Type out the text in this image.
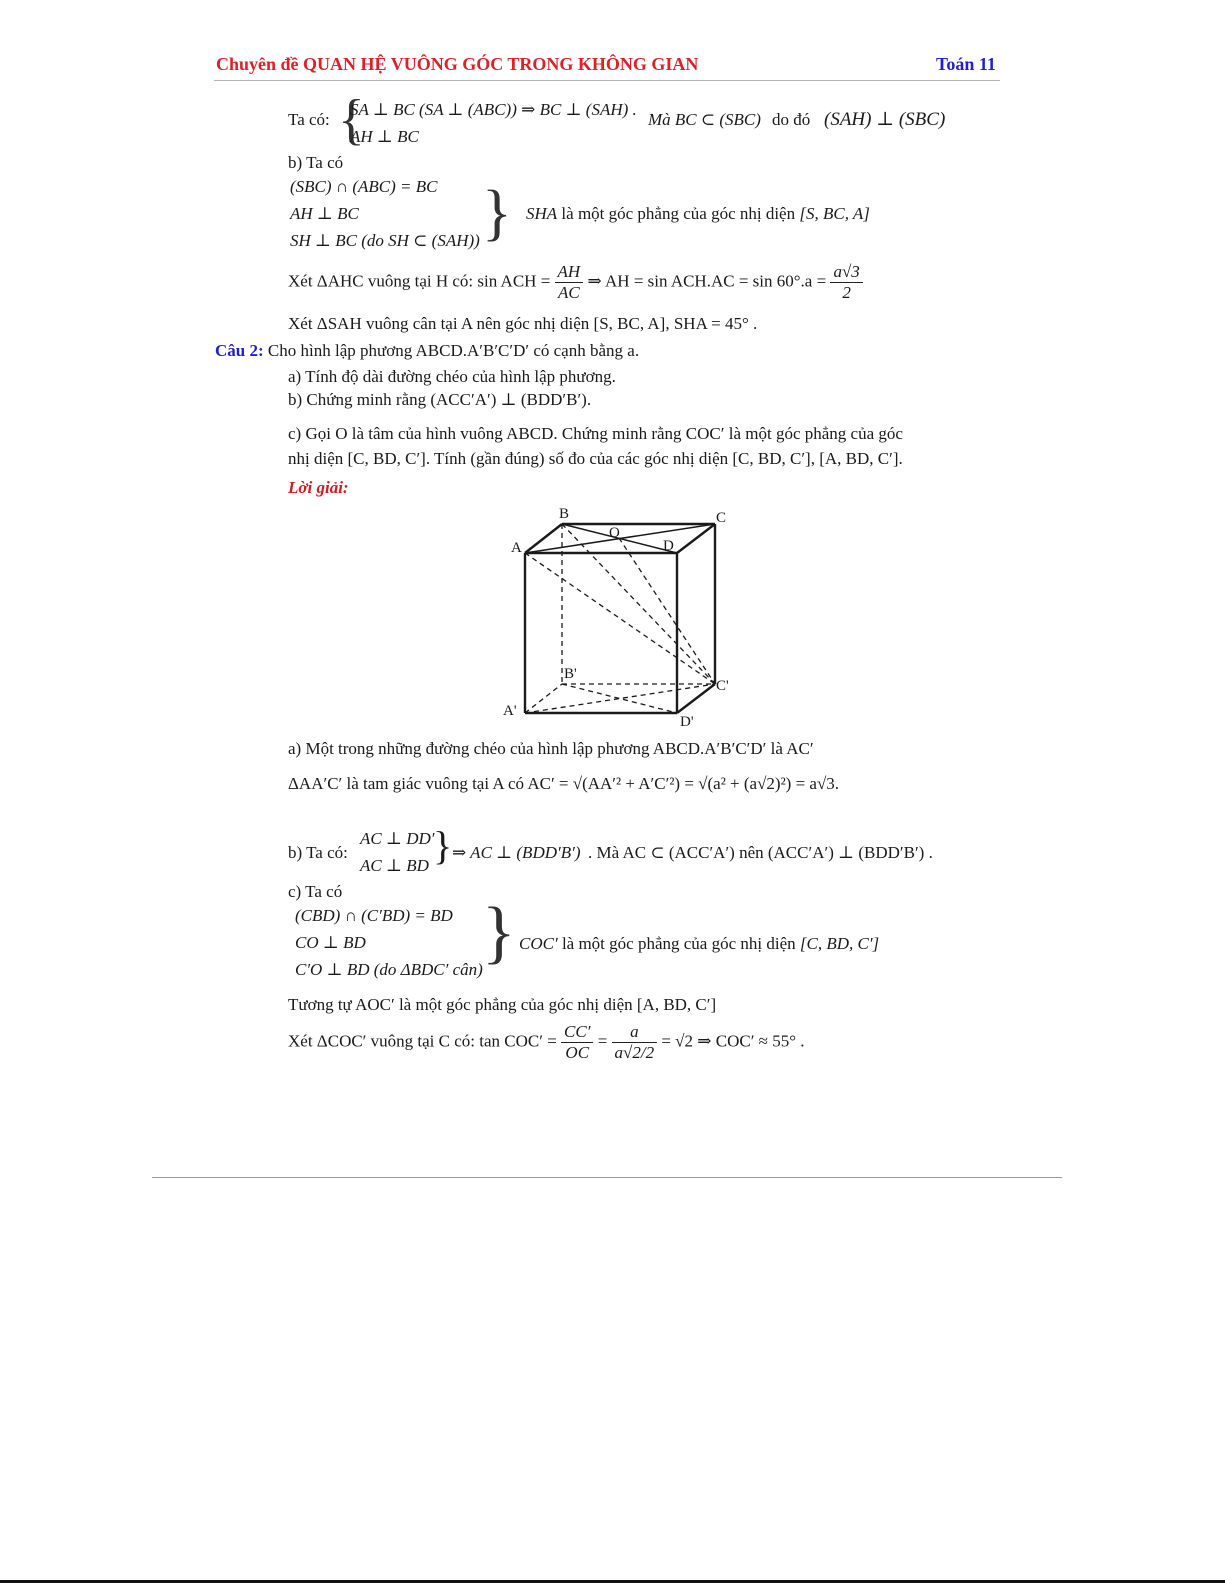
Chuyên đề QUAN HỆ VUÔNG GÓC TRONG KHÔNG GIAN	Toán 11
Ta có: {
SA ⊥ BC (SA ⊥ (ABC)) ⇒ BC ⊥ (SAH) .
AH ⊥ BC
Mà BC ⊂ (SBC) do đó (SAH) ⊥ (SBC)
b) Ta có
(SBC) ∩ (ABC) = BC
AH ⊥ BC
SH ⊥ BC (do SH ⊂ (SAH)) } SHA là một góc phẳng của góc nhị diện [S, BC, A]
Xét ΔAHC vuông tại H có: sin ACH = $\frac{AH}{AC}$ ⇒ AH = $\sin ACH.AC = \sin 60^\circ.a = \frac{a√3}{2}$
Xét ΔSAH vuông cân tại A nên góc nhị diện [S, BC, A], SHA = 45° .
Câu 2: Cho hình lập phương ABCD.A′B′C′D′ có cạnh bằng a.
a) Tính độ dài đường chéo của hình lập phương.
b) Chứng minh rằng (ACC′A′) ⊥ (BDD′B′).
c) Gọi O là tâm của hình vuông ABCD. Chứng minh rằng COC′ là một góc phẳng của góc
nhị diện [C, BD, C′]. Tính (gần đúng) số đo của các góc nhị diện [C, BD, C′], [A, BD, C′].
Lời giải:
A
B	C
D
O
A'
B'
C'
D'
a) Một trong những đường chéo của hình lập phương ABCD.A′B′C′D′ là AC′
ΔAA′C′ là tam giác vuông tại A có AC′ = √(AA′² + A′C′²) = √(a² + (a√2)²) = a√3.
b) Ta có:
AC ⊥ DD′
AC ⊥ BD } ⇒ AC ⊥ (BDD′B′) . Mà AC ⊂ (ACC′A′) nên (ACC′A′) ⊥ (BDD′B′) .
c) Ta có
(CBD) ∩ (C′BD) = BD
CO ⊥ BD
C′O ⊥ BD (do ΔBDC′ cân) } COC′ là một góc phẳng của góc nhị diện [C, BD, C′]
Tương tự AOC′ là một góc phẳng của góc nhị diện [A, BD, C′]
Xét ΔCOC′ vuông tại C có: $\tan COC' = \frac{CC'}{OC} = \frac{a}{a√2/2} = √2$ ⇒ COC′ ≈ 55° .
